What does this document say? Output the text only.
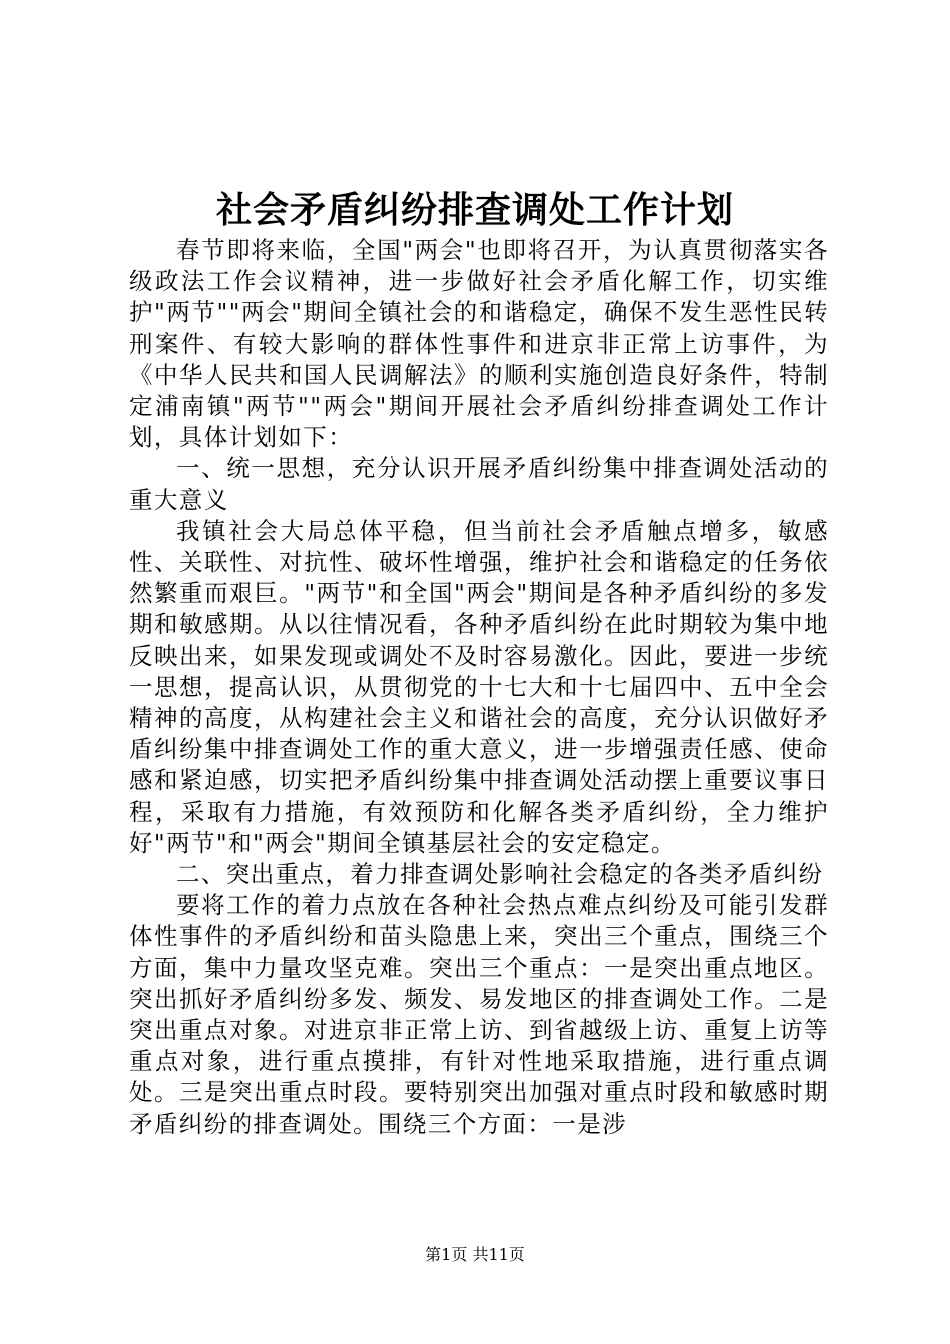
社会矛盾纠纷排查调处工作计划

春节即将来临，全国"两会"也即将召开，为认真贯彻落实各级政法工作会议精神，进一步做好社会矛盾化解工作，切实维护"两节""两会"期间全镇社会的和谐稳定，确保不发生恶性民转刑案件、有较大影响的群体性事件和进京非正常上访事件，为《中华人民共和国人民调解法》的顺利实施创造良好条件，特制定浦南镇"两节""两会"期间开展社会矛盾纠纷排查调处工作计划，具体计划如下：

一、统一思想，充分认识开展矛盾纠纷集中排查调处活动的重大意义

我镇社会大局总体平稳，但当前社会矛盾触点增多，敏感性、关联性、对抗性、破坏性增强，维护社会和谐稳定的任务依然繁重而艰巨。"两节"和全国"两会"期间是各种矛盾纠纷的多发期和敏感期。从以往情况看，各种矛盾纠纷在此时期较为集中地反映出来，如果发现或调处不及时容易激化。因此，要进一步统一思想，提高认识，从贯彻党的十七大和十七届四中、五中全会精神的高度，从构建社会主义和谐社会的高度，充分认识做好矛盾纠纷集中排查调处工作的重大意义，进一步增强责任感、使命感和紧迫感，切实把矛盾纠纷集中排查调处活动摆上重要议事日程，采取有力措施，有效预防和化解各类矛盾纠纷，全力维护好"两节"和"两会"期间全镇基层社会的安定稳定。

二、突出重点，着力排查调处影响社会稳定的各类矛盾纠纷

要将工作的着力点放在各种社会热点难点纠纷及可能引发群体性事件的矛盾纠纷和苗头隐患上来，突出三个重点，围绕三个方面，集中力量攻坚克难。突出三个重点：一是突出重点地区。突出抓好矛盾纠纷多发、频发、易发地区的排查调处工作。二是突出重点对象。对进京非正常上访、到省越级上访、重复上访等重点对象，进行重点摸排，有针对性地采取措施，进行重点调处。三是突出重点时段。要特别突出加强对重点时段和敏感时期矛盾纠纷的排查调处。围绕三个方面：一是涉

第1页 共11页
